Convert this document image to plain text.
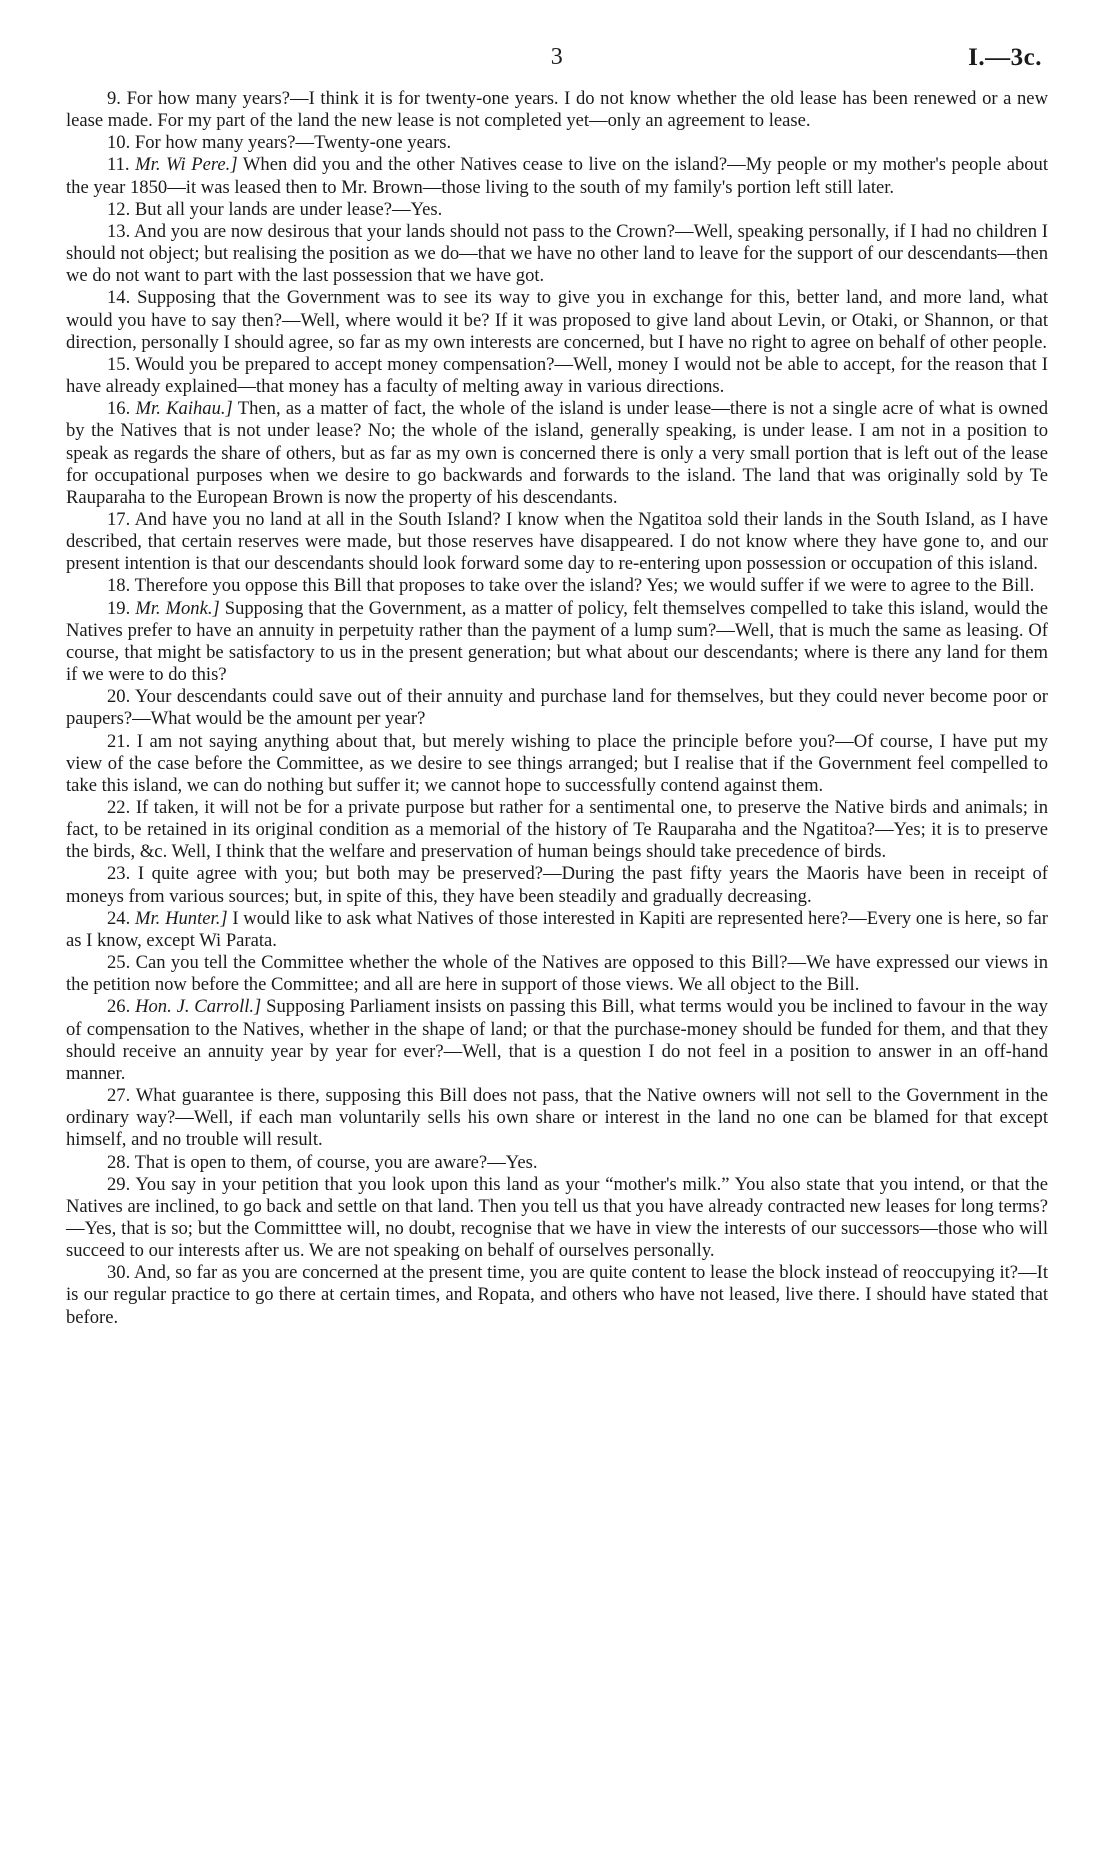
3	I.—3c.

9. For how many years?—I think it is for twenty-one years. I do not know whether the old lease has been renewed or a new lease made. For my part of the land the new lease is not completed yet—only an agreement to lease.

10. For how many years?—Twenty-one years.

11. Mr. Wi Pere.] When did you and the other Natives cease to live on the island?—My people or my mother's people about the year 1850—it was leased then to Mr. Brown—those living to the south of my family's portion left still later.

12. But all your lands are under lease?—Yes.

13. And you are now desirous that your lands should not pass to the Crown?—Well, speaking personally, if I had no children I should not object; but realising the position as we do—that we have no other land to leave for the support of our descendants—then we do not want to part with the last possession that we have got.

14. Supposing that the Government was to see its way to give you in exchange for this, better land, and more land, what would you have to say then?—Well, where would it be? If it was proposed to give land about Levin, or Otaki, or Shannon, or that direction, personally I should agree, so far as my own interests are concerned, but I have no right to agree on behalf of other people.

15. Would you be prepared to accept money compensation?—Well, money I would not be able to accept, for the reason that I have already explained—that money has a faculty of melting away in various directions.

16. Mr. Kaihau.] Then, as a matter of fact, the whole of the island is under lease—there is not a single acre of what is owned by the Natives that is not under lease? No; the whole of the island, generally speaking, is under lease. I am not in a position to speak as regards the share of others, but as far as my own is concerned there is only a very small portion that is left out of the lease for occupational purposes when we desire to go backwards and forwards to the island. The land that was originally sold by Te Rauparaha to the European Brown is now the property of his descendants.

17. And have you no land at all in the South Island? I know when the Ngatitoa sold their lands in the South Island, as I have described, that certain reserves were made, but those reserves have disappeared. I do not know where they have gone to, and our present intention is that our descendants should look forward some day to re-entering upon possession or occupation of this island.

18. Therefore you oppose this Bill that proposes to take over the island? Yes; we would suffer if we were to agree to the Bill.

19. Mr. Monk.] Supposing that the Government, as a matter of policy, felt themselves compelled to take this island, would the Natives prefer to have an annuity in perpetuity rather than the payment of a lump sum?—Well, that is much the same as leasing. Of course, that might be satisfactory to us in the present generation; but what about our descendants; where is there any land for them if we were to do this?

20. Your descendants could save out of their annuity and purchase land for themselves, but they could never become poor or paupers?—What would be the amount per year?

21. I am not saying anything about that, but merely wishing to place the principle before you?—Of course, I have put my view of the case before the Committee, as we desire to see things arranged; but I realise that if the Government feel compelled to take this island, we can do nothing but suffer it; we cannot hope to successfully contend against them.

22. If taken, it will not be for a private purpose but rather for a sentimental one, to preserve the Native birds and animals; in fact, to be retained in its original condition as a memorial of the history of Te Rauparaha and the Ngatitoa?—Yes; it is to preserve the birds, &c. Well, I think that the welfare and preservation of human beings should take precedence of birds.

23. I quite agree with you; but both may be preserved?—During the past fifty years the Maoris have been in receipt of moneys from various sources; but, in spite of this, they have been steadily and gradually decreasing.

24. Mr. Hunter.] I would like to ask what Natives of those interested in Kapiti are represented here?—Every one is here, so far as I know, except Wi Parata.

25. Can you tell the Committee whether the whole of the Natives are opposed to this Bill?—We have expressed our views in the petition now before the Committee; and all are here in support of those views. We all object to the Bill.

26. Hon. J. Carroll.] Supposing Parliament insists on passing this Bill, what terms would you be inclined to favour in the way of compensation to the Natives, whether in the shape of land; or that the purchase-money should be funded for them, and that they should receive an annuity year by year for ever?—Well, that is a question I do not feel in a position to answer in an off-hand manner.

27. What guarantee is there, supposing this Bill does not pass, that the Native owners will not sell to the Government in the ordinary way?—Well, if each man voluntarily sells his own share or interest in the land no one can be blamed for that except himself, and no trouble will result.

28. That is open to them, of course, you are aware?—Yes.

29. You say in your petition that you look upon this land as your “mother's milk.” You also state that you intend, or that the Natives are inclined, to go back and settle on that land. Then you tell us that you have already contracted new leases for long terms?—Yes, that is so; but the Committtee will, no doubt, recognise that we have in view the interests of our successors—those who will succeed to our interests after us. We are not speaking on behalf of ourselves personally.

30. And, so far as you are concerned at the present time, you are quite content to lease the block instead of reoccupying it?—It is our regular practice to go there at certain times, and Ropata, and others who have not leased, live there. I should have stated that before.
